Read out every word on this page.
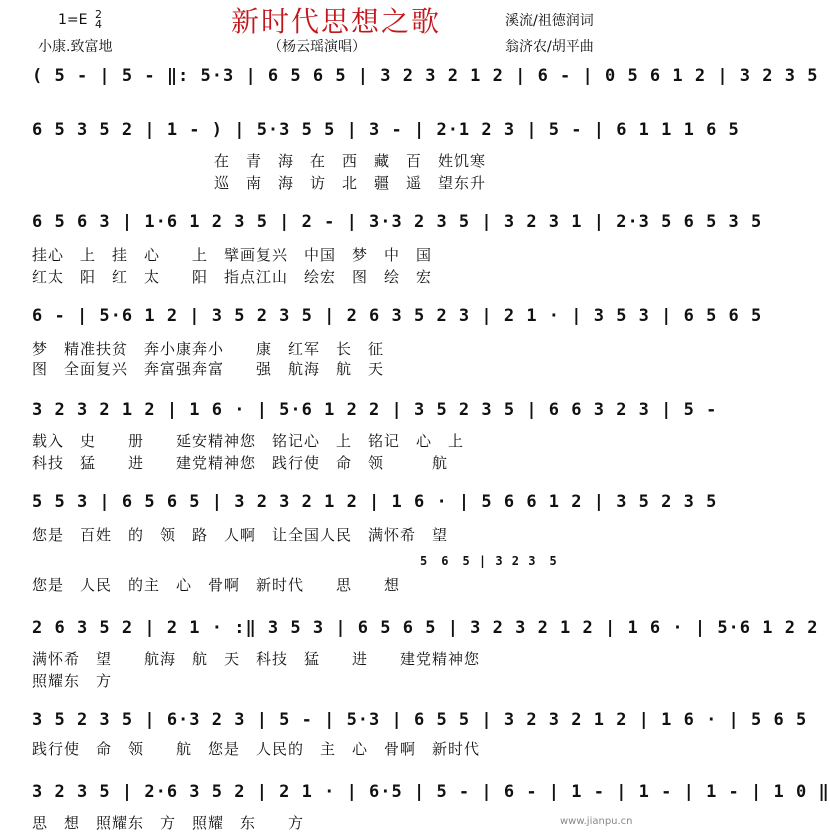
新时代思想之歌
1=E 2
4
小康.致富地	（杨云瑶演唱）
溪流/祖德润词
翁济农/胡平曲
( 5 - | 5 - ‖: 5·3 | 6 5 6 5 | 3 2 3 2 1 2 | 6 - | 0 5 6 1 2 | 3 2 3 5
6 5 3 5 2 | 1 - ) | 5·3 5 5 | 3 - | 2·1 2 3 | 5 - | 6 1 1 1 6 5
在　青　海　在　西　藏　百　姓饥寒
巡　南　海　访　北　疆　遥　望东升
6 5 6 3 | 1·6 1 2 3 5 | 2 - | 3·3 2 3 5 | 3 2 3 1 | 2·3 5 6 5 3 5
挂心　上　挂　心　　上　擘画复兴　中国　梦　中　国
红太　阳　红　太　　阳　指点江山　绘宏　图　绘　宏
6 - | 5·6 1 2 | 3 5 2 3 5 | 2 6 3 5 2 3 | 2 1 · | 3 5 3 | 6 5 6 5
梦　精准扶贫　奔小康奔小　　康　红军　长　征
图　全面复兴　奔富强奔富　　强　航海　航　天
3 2 3 2 1 2 | 1 6 · | 5·6 1 2 2 | 3 5 2 3 5 | 6 6 3 2 3 | 5 -
载入　史　　册　　延安精神您　铭记心　上　铭记　心　上
科技　猛　　进　　建党精神您　践行使　命　领　　　航
5 5 3 | 6 5 6 5 | 3 2 3 2 1 2 | 1 6 · | 5 6 6 1 2 | 3 5 2 3 5
您是　百姓　的　领　路　人啊　让全国人民　满怀希　望
5　6　5 | 3 2 3　5
您是　人民　的主　心　骨啊　新时代　　思　　想
2 6 3 5 2 | 2 1 · :‖ 3 5 3 | 6 5 6 5 | 3 2 3 2 1 2 | 1 6 · | 5·6 1 2 2
满怀希　望　　航海　航　天　科技　猛　　进　　建党精神您
照耀东　方
3 5 2 3 5 | 6·3 2 3 | 5 - | 5·3 | 6 5 5 | 3 2 3 2 1 2 | 1 6 · | 5 6 5
践行使　命　领　　航　您是　人民的　主　心　骨啊　新时代
3 2 3 5 | 2·6 3 5 2 | 2 1 · | 6·5 | 5 - | 6 - | 1 - | 1 - | 1 - | 1 0 ‖
思　想　照耀东　方　照耀　东　　方	www.jianpu.cn
